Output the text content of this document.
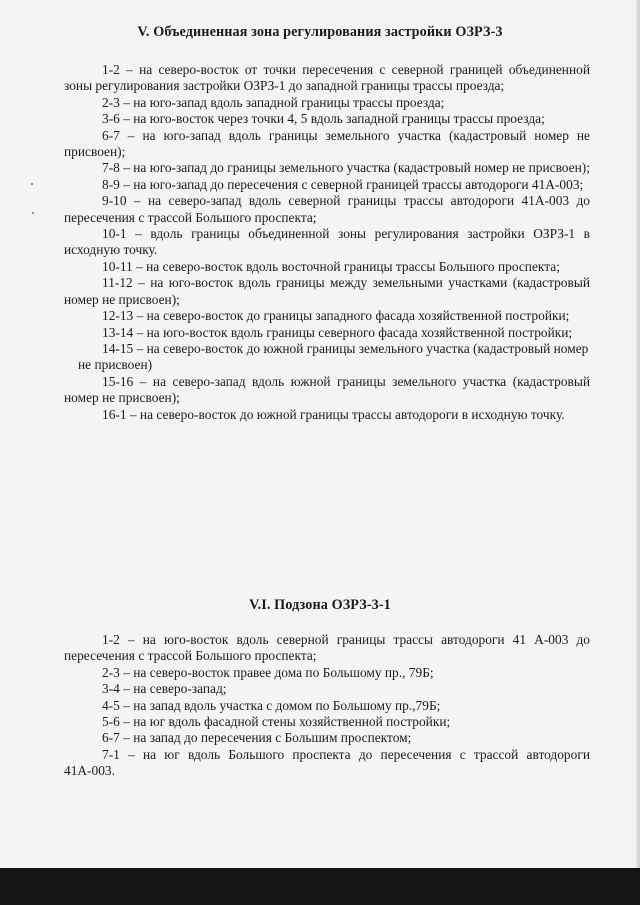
V. Объединенная зона регулирования застройки ОЗРЗ-3

1-2 – на северо-восток от точки пересечения с северной границей объединенной зоны регулирования застройки ОЗРЗ-1 до западной границы трассы проезда;

2-3 – на юго-запад вдоль западной границы трассы проезда;

3-6 – на юго-восток через точки 4, 5 вдоль западной границы трассы проезда;

6-7 – на юго-запад вдоль границы земельного участка (кадастровый номер не присвоен);

7-8 – на юго-запад до границы земельного участка (кадастровый номер не присвоен);

8-9 – на юго-запад до пересечения с северной границей трассы автодороги 41А-003;

9-10 – на северо-запад вдоль северной границы трассы автодороги 41А-003 до пересечения с трассой Большого проспекта;

10-1 – вдоль границы объединенной зоны регулирования застройки ОЗРЗ-1 в исходную точку.

10-11 – на северо-восток вдоль восточной границы трассы Большого проспекта;

11-12 – на юго-восток вдоль границы между земельными участками (кадастровый номер не присвоен);

12-13 – на северо-восток до границы западного фасада хозяйственной постройки;

13-14 – на юго-восток вдоль границы северного фасада хозяйственной постройки;

14-15 – на северо-восток до южной границы земельного участка (кадастровый номер

не присвоен)

15-16 – на северо-запад вдоль южной границы земельного участка (кадастровый номер не присвоен);

16-1 – на северо-восток до южной границы трассы автодороги в исходную точку.

V.I. Подзона ОЗРЗ-3-1

1-2 – на юго-восток вдоль северной границы трассы автодороги 41 А-003 до пересечения с трассой Большого проспекта;

2-3 – на северо-восток правее дома по Большому пр., 79Б;

3-4 – на северо-запад;

4-5 – на запад вдоль участка с домом по Большому пр.,79Б;

5-6 – на юг вдоль фасадной стены хозяйственной постройки;

6-7 – на запад до пересечения с Большим проспектом;

7-1 – на юг вдоль Большого проспекта до пересечения с трассой автодороги 41А-003.
